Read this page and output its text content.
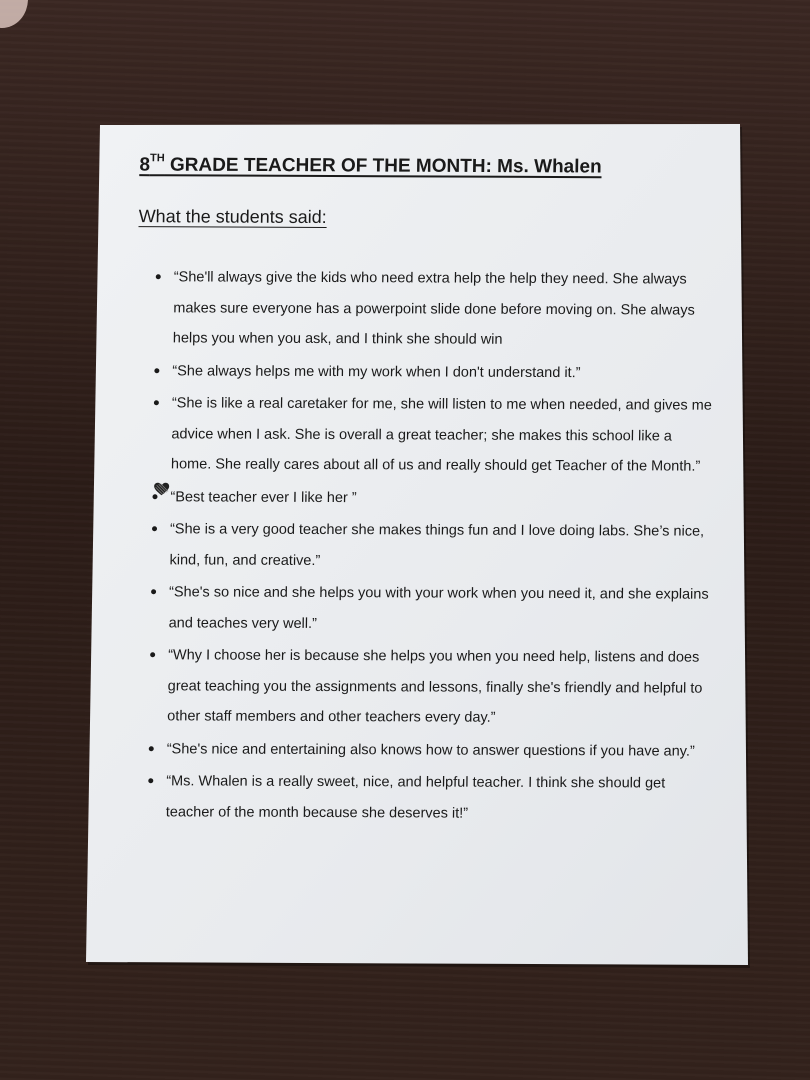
8TH GRADE TEACHER OF THE MONTH: Ms. Whalen
What the students said:
“She'll always give the kids who need extra help the help they need. She always makes sure everyone has a powerpoint slide done before moving on. She always helps you when you ask, and I think she should win
“She always helps me with my work when I don't understand it.”
“She is like a real caretaker for me, she will listen to me when needed, and gives me advice when I ask. She is overall a great teacher; she makes this school like a home. She really cares about all of us and really should get Teacher of the Month.”
“Best teacher ever I like her
”
“She is a very good teacher she makes things fun and I love doing labs. She’s nice, kind, fun, and creative.”
“She's so nice and she helps you with your work when you need it, and she explains and teaches very well.”
“Why I choose her is because she helps you when you need help, listens and does great teaching you the assignments and lessons, finally she's friendly and helpful to other staff members and other teachers every day.”
“She's nice and entertaining also knows how to answer questions if you have any.”
“Ms. Whalen is a really sweet, nice, and helpful teacher. I think she should get teacher of the month because she deserves it!”
